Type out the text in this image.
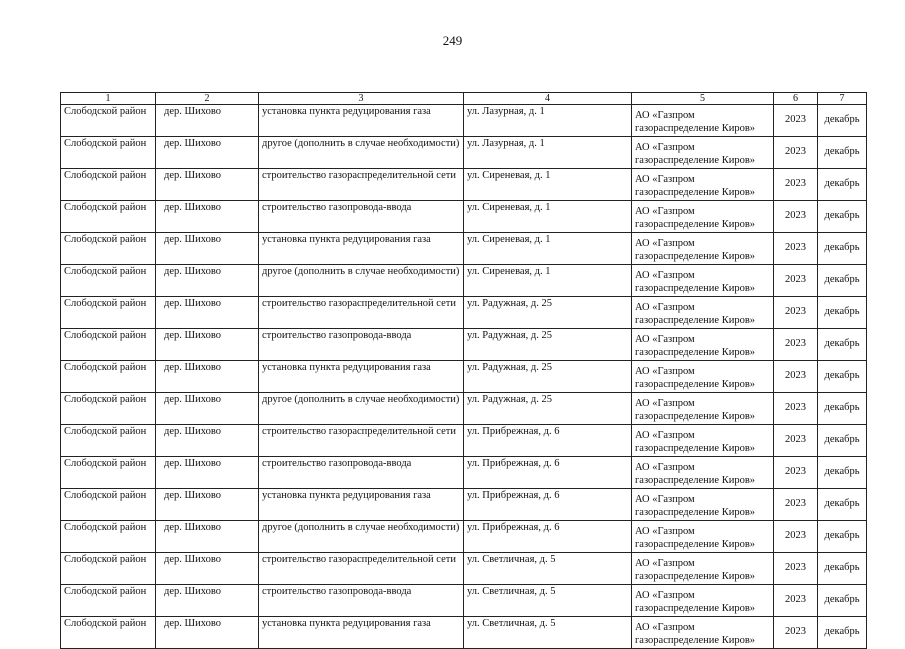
249
1	2	3	4	5	6	7
Слободской район	дер. Шихово	установка пункта редуцирования газа	ул. Лазурная, д. 1	АО «Газпром газораспределение Киров»	2023	декабрь
Слободской район	дер. Шихово	другое (дополнить в случае необходимости)	ул. Лазурная, д. 1	АО «Газпром газораспределение Киров»	2023	декабрь
Слободской район	дер. Шихово	строительство газораспределительной сети	ул. Сиреневая, д. 1	АО «Газпром газораспределение Киров»	2023	декабрь
Слободской район	дер. Шихово	строительство газопровода-ввода	ул. Сиреневая, д. 1	АО «Газпром газораспределение Киров»	2023	декабрь
Слободской район	дер. Шихово	установка пункта редуцирования газа	ул. Сиреневая, д. 1	АО «Газпром газораспределение Киров»	2023	декабрь
Слободской район	дер. Шихово	другое (дополнить в случае необходимости)	ул. Сиреневая, д. 1	АО «Газпром газораспределение Киров»	2023	декабрь
Слободской район	дер. Шихово	строительство газораспределительной сети	ул. Радужная, д. 25	АО «Газпром газораспределение Киров»	2023	декабрь
Слободской район	дер. Шихово	строительство газопровода-ввода	ул. Радужная, д. 25	АО «Газпром газораспределение Киров»	2023	декабрь
Слободской район	дер. Шихово	установка пункта редуцирования газа	ул. Радужная, д. 25	АО «Газпром газораспределение Киров»	2023	декабрь
Слободской район	дер. Шихово	другое (дополнить в случае необходимости)	ул. Радужная, д. 25	АО «Газпром газораспределение Киров»	2023	декабрь
Слободской район	дер. Шихово	строительство газораспределительной сети	ул. Прибрежная, д. 6	АО «Газпром газораспределение Киров»	2023	декабрь
Слободской район	дер. Шихово	строительство газопровода-ввода	ул. Прибрежная, д. 6	АО «Газпром газораспределение Киров»	2023	декабрь
Слободской район	дер. Шихово	установка пункта редуцирования газа	ул. Прибрежная, д. 6	АО «Газпром газораспределение Киров»	2023	декабрь
Слободской район	дер. Шихово	другое (дополнить в случае необходимости)	ул. Прибрежная, д. 6	АО «Газпром газораспределение Киров»	2023	декабрь
Слободской район	дер. Шихово	строительство газораспределительной сети	ул. Светличная, д. 5	АО «Газпром газораспределение Киров»	2023	декабрь
Слободской район	дер. Шихово	строительство газопровода-ввода	ул. Светличная, д. 5	АО «Газпром газораспределение Киров»	2023	декабрь
Слободской район	дер. Шихово	установка пункта редуцирования газа	ул. Светличная, д. 5	АО «Газпром газораспределение Киров»	2023	декабрь
